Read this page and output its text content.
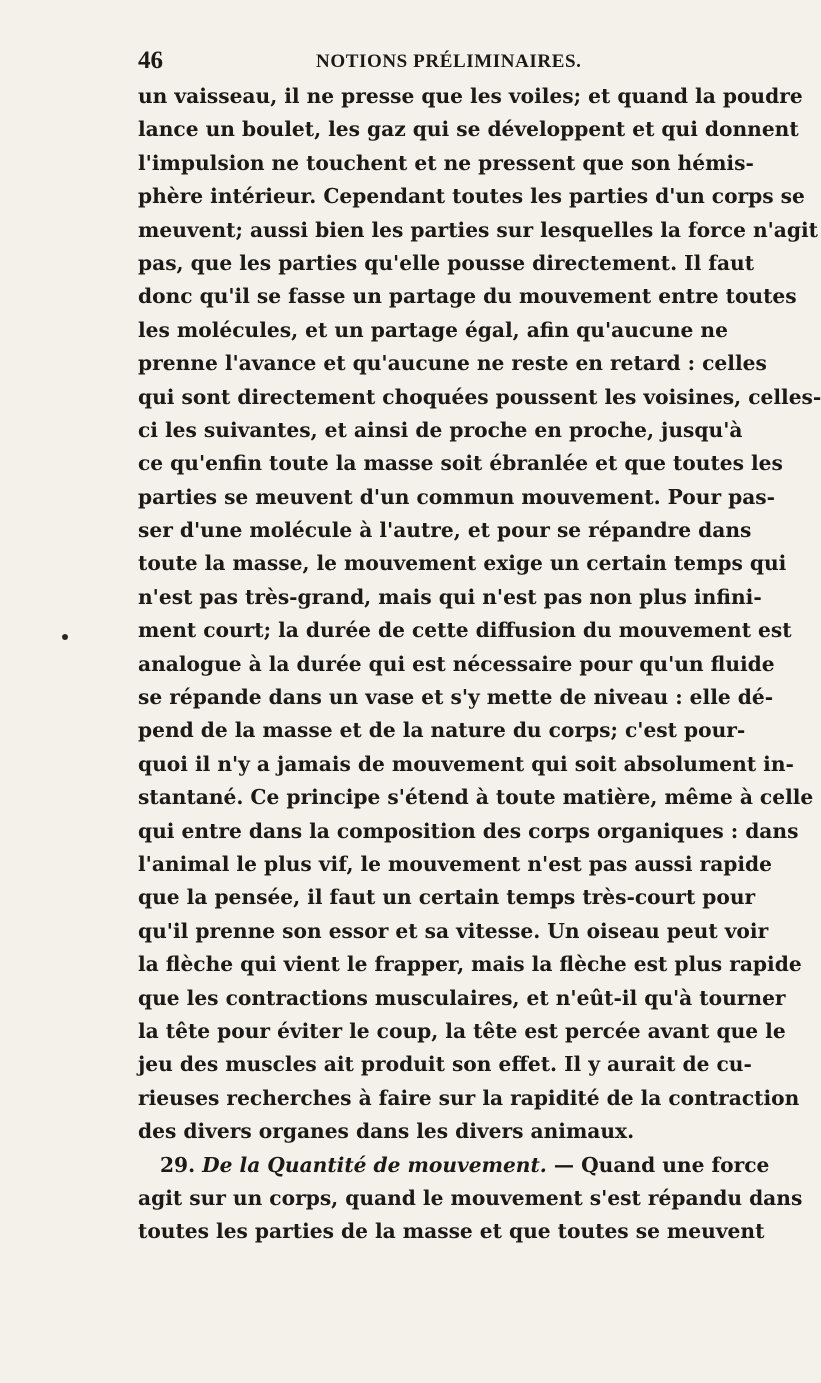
46	NOTIONS PRÉLIMINAIRES.
un vaisseau, il ne presse que les voiles; et quand la poudre
lance un boulet, les gaz qui se développent et qui donnent
l'impulsion ne touchent et ne pressent que son hémis-
phère intérieur. Cependant toutes les parties d'un corps se
meuvent; aussi bien les parties sur lesquelles la force n'agit
pas, que les parties qu'elle pousse directement. Il faut
donc qu'il se fasse un partage du mouvement entre toutes
les molécules, et un partage égal, afin qu'aucune ne
prenne l'avance et qu'aucune ne reste en retard : celles
qui sont directement choquées poussent les voisines, celles-
ci les suivantes, et ainsi de proche en proche, jusqu'à
ce qu'enfin toute la masse soit ébranlée et que toutes les
parties se meuvent d'un commun mouvement. Pour pas-
ser d'une molécule à l'autre, et pour se répandre dans
toute la masse, le mouvement exige un certain temps qui
n'est pas très-grand, mais qui n'est pas non plus infini-
ment court; la durée de cette diffusion du mouvement est
analogue à la durée qui est nécessaire pour qu'un fluide
se répande dans un vase et s'y mette de niveau : elle dé-
pend de la masse et de la nature du corps; c'est pour-
quoi il n'y a jamais de mouvement qui soit absolument in-
stantané. Ce principe s'étend à toute matière, même à celle
qui entre dans la composition des corps organiques : dans
l'animal le plus vif, le mouvement n'est pas aussi rapide
que la pensée, il faut un certain temps très-court pour
qu'il prenne son essor et sa vitesse. Un oiseau peut voir
la flèche qui vient le frapper, mais la flèche est plus rapide
que les contractions musculaires, et n'eût-il qu'à tourner
la tête pour éviter le coup, la tête est percée avant que le
jeu des muscles ait produit son effet. Il y aurait de cu-
rieuses recherches à faire sur la rapidité de la contraction
des divers organes dans les divers animaux.
29. De la Quantité de mouvement. — Quand une force
agit sur un corps, quand le mouvement s'est répandu dans
toutes les parties de la masse et que toutes se meuvent
